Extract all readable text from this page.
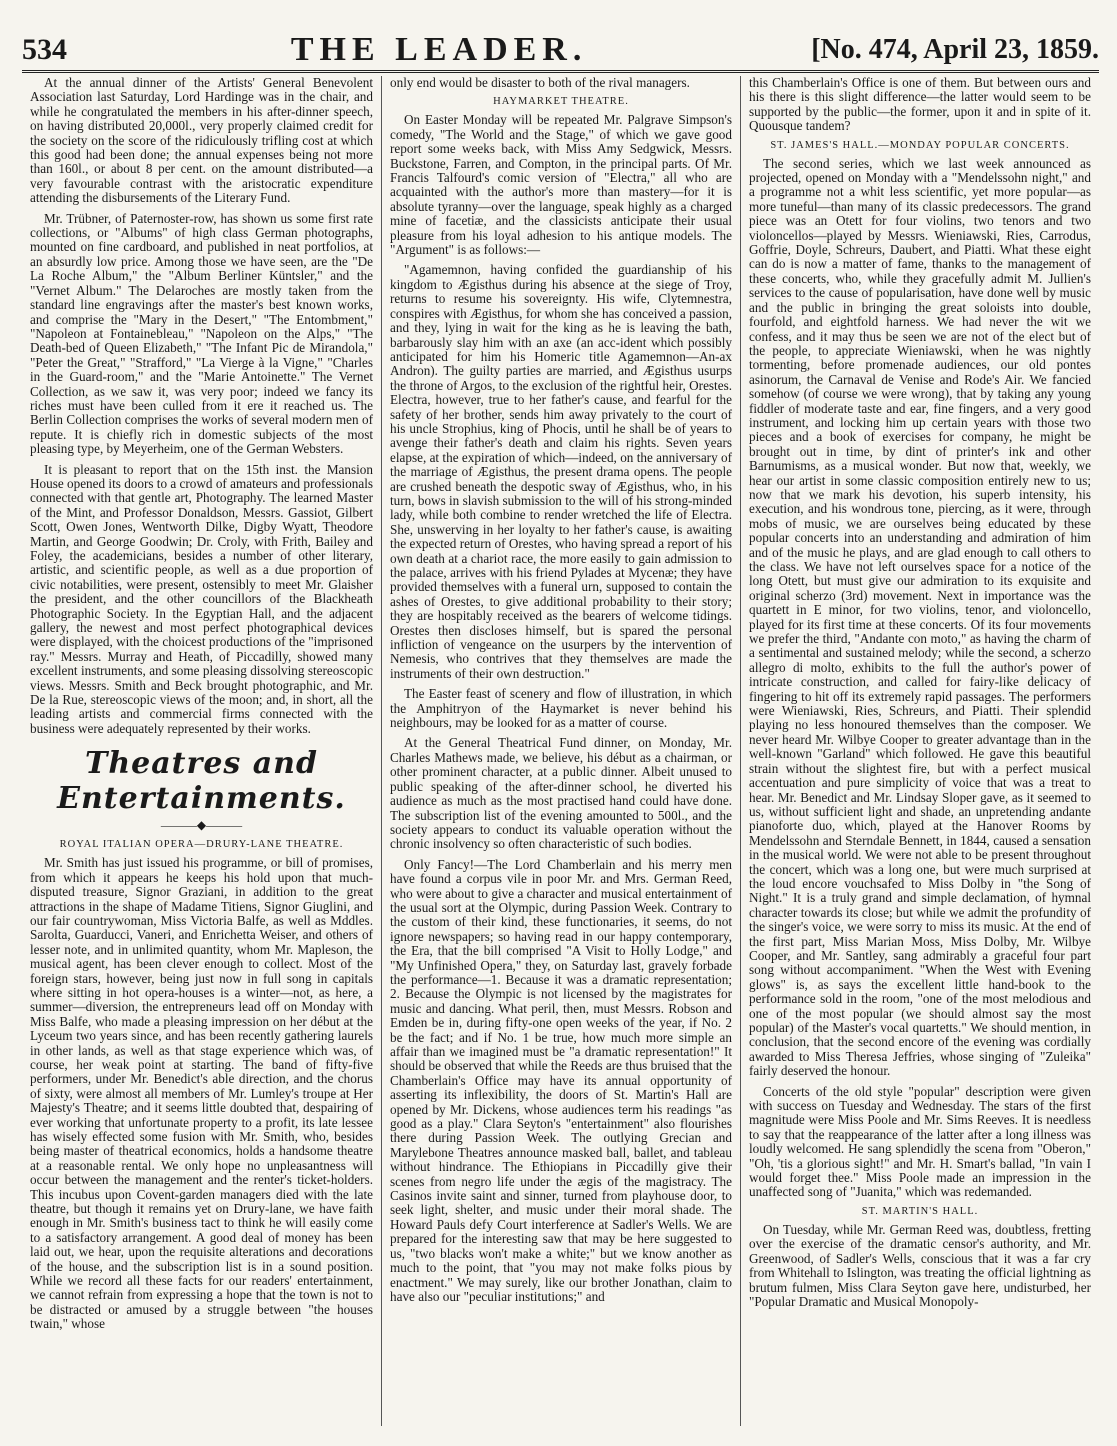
534	THE LEADER.	[No. 474, April 23, 1859.

At the annual dinner of the Artists' General Benevolent Association last Saturday, Lord Hardinge was in the chair, and while he congratulated the members in his after-dinner speech, on having distributed 20,000l., very properly claimed credit for the society on the score of the ridiculously trifling cost at which this good had been done; the annual expenses being not more than 160l., or about 8 per cent. on the amount distributed—a very favourable contrast with the aristocratic expenditure attending the disbursements of the Literary Fund.

Mr. Trübner, of Paternoster-row, has shown us some first rate collections, or "Albums" of high class German photographs, mounted on fine cardboard, and published in neat portfolios, at an absurdly low price. Among those we have seen, are the "De La Roche Album," the "Album Berliner Küntsler," and the "Vernet Album." The Delaroches are mostly taken from the standard line engravings after the master's best known works, and comprise the "Mary in the Desert," "The Entombment," "Napoleon at Fontainebleau," "Napoleon on the Alps," "The Death-bed of Queen Elizabeth," "The Infant Pic de Mirandola," "Peter the Great," "Strafford," "La Vierge à la Vigne," "Charles in the Guard-room," and the "Marie Antoinette." The Vernet Collection, as we saw it, was very poor; indeed we fancy its riches must have been culled from it ere it reached us. The Berlin Collection comprises the works of several modern men of repute. It is chiefly rich in domestic subjects of the most pleasing type, by Meyerheim, one of the German Websters.

It is pleasant to report that on the 15th inst. the Mansion House opened its doors to a crowd of amateurs and professionals connected with that gentle art, Photography. The learned Master of the Mint, and Professor Donaldson, Messrs. Gassiot, Gilbert Scott, Owen Jones, Wentworth Dilke, Digby Wyatt, Theodore Martin, and George Goodwin; Dr. Croly, with Frith, Bailey and Foley, the academicians, besides a number of other literary, artistic, and scientific people, as well as a due proportion of civic notabilities, were present, ostensibly to meet Mr. Glaisher the president, and the other councillors of the Blackheath Photographic Society. In the Egyptian Hall, and the adjacent gallery, the newest and most perfect photographical devices were displayed, with the choicest productions of the "imprisoned ray." Messrs. Murray and Heath, of Piccadilly, showed many excellent instruments, and some pleasing dissolving stereoscopic views. Messrs. Smith and Beck brought photographic, and Mr. De la Rue, stereoscopic views of the moon; and, in short, all the leading artists and commercial firms connected with the business were adequately represented by their works.

Theatres and Entertainments.
———◆———
ROYAL ITALIAN OPERA—DRURY-LANE THEATRE.

Mr. Smith has just issued his programme, or bill of promises, from which it appears he keeps his hold upon that much-disputed treasure, Signor Graziani, in addition to the great attractions in the shape of Madame Titiens, Signor Giuglini, and our fair countrywoman, Miss Victoria Balfe, as well as Mddles. Sarolta, Guarducci, Vaneri, and Enrichetta Weiser, and others of lesser note, and in unlimited quantity, whom Mr. Mapleson, the musical agent, has been clever enough to collect. Most of the foreign stars, however, being just now in full song in capitals where sitting in hot opera-houses is a winter—not, as here, a summer—diversion, the entrepreneurs lead off on Monday with Miss Balfe, who made a pleasing impression on her début at the Lyceum two years since, and has been recently gathering laurels in other lands, as well as that stage experience which was, of course, her weak point at starting. The band of fifty-five performers, under Mr. Benedict's able direction, and the chorus of sixty, were almost all members of Mr. Lumley's troupe at Her Majesty's Theatre; and it seems little doubted that, despairing of ever working that unfortunate property to a profit, its late lessee has wisely effected some fusion with Mr. Smith, who, besides being master of theatrical economics, holds a handsome theatre at a reasonable rental. We only hope no unpleasantness will occur between the management and the renter's ticket-holders. This incubus upon Covent-garden managers died with the late theatre, but though it remains yet on Drury-lane, we have faith enough in Mr. Smith's business tact to think he will easily come to a satisfactory arrangement. A good deal of money has been laid out, we hear, upon the requisite alterations and decorations of the house, and the subscription list is in a sound position. While we record all these facts for our readers' entertainment, we cannot refrain from expressing a hope that the town is not to be distracted or amused by a struggle between "the houses twain," whose

only end would be disaster to both of the rival managers.

HAYMARKET THEATRE.

On Easter Monday will be repeated Mr. Palgrave Simpson's comedy, "The World and the Stage," of which we gave good report some weeks back, with Miss Amy Sedgwick, Messrs. Buckstone, Farren, and Compton, in the principal parts. Of Mr. Francis Talfourd's comic version of "Electra," all who are acquainted with the author's more than mastery—for it is absolute tyranny—over the language, speak highly as a charged mine of facetiæ, and the classicists anticipate their usual pleasure from his loyal adhesion to his antique models. The "Argument" is as follows:—

"Agamemnon, having confided the guardianship of his kingdom to Ægisthus during his absence at the siege of Troy, returns to resume his sovereignty. His wife, Clytemnestra, conspires with Ægisthus, for whom she has conceived a passion, and they, lying in wait for the king as he is leaving the bath, barbarously slay him with an axe (an acc-ident which possibly anticipated for him his Homeric title Agamemnon—An-ax Andron). The guilty parties are married, and Ægisthus usurps the throne of Argos, to the exclusion of the rightful heir, Orestes. Electra, however, true to her father's cause, and fearful for the safety of her brother, sends him away privately to the court of his uncle Strophius, king of Phocis, until he shall be of years to avenge their father's death and claim his rights. Seven years elapse, at the expiration of which—indeed, on the anniversary of the marriage of Ægisthus, the present drama opens. The people are crushed beneath the despotic sway of Ægisthus, who, in his turn, bows in slavish submission to the will of his strong-minded lady, while both combine to render wretched the life of Electra. She, unswerving in her loyalty to her father's cause, is awaiting the expected return of Orestes, who having spread a report of his own death at a chariot race, the more easily to gain admission to the palace, arrives with his friend Pylades at Mycenæ; they have provided themselves with a funeral urn, supposed to contain the ashes of Orestes, to give additional probability to their story; they are hospitably received as the bearers of welcome tidings. Orestes then discloses himself, but is spared the personal infliction of vengeance on the usurpers by the intervention of Nemesis, who contrives that they themselves are made the instruments of their own destruction."

The Easter feast of scenery and flow of illustration, in which the Amphitryon of the Haymarket is never behind his neighbours, may be looked for as a matter of course.

At the General Theatrical Fund dinner, on Monday, Mr. Charles Mathews made, we believe, his début as a chairman, or other prominent character, at a public dinner. Albeit unused to public speaking of the after-dinner school, he diverted his audience as much as the most practised hand could have done. The subscription list of the evening amounted to 500l., and the society appears to conduct its valuable operation without the chronic insolvency so often characteristic of such bodies.

Only Fancy!—The Lord Chamberlain and his merry men have found a corpus vile in poor Mr. and Mrs. German Reed, who were about to give a character and musical entertainment of the usual sort at the Olympic, during Passion Week. Contrary to the custom of their kind, these functionaries, it seems, do not ignore newspapers; so having read in our happy contemporary, the Era, that the bill comprised "A Visit to Holly Lodge," and "My Unfinished Opera," they, on Saturday last, gravely forbade the performance—1. Because it was a dramatic representation; 2. Because the Olympic is not licensed by the magistrates for music and dancing. What peril, then, must Messrs. Robson and Emden be in, during fifty-one open weeks of the year, if No. 2 be the fact; and if No. 1 be true, how much more simple an affair than we imagined must be "a dramatic representation!" It should be observed that while the Reeds are thus bruised that the Chamberlain's Office may have its annual opportunity of asserting its inflexibility, the doors of St. Martin's Hall are opened by Mr. Dickens, whose audiences term his readings "as good as a play." Clara Seyton's "entertainment" also flourishes there during Passion Week. The outlying Grecian and Marylebone Theatres announce masked ball, ballet, and tableau without hindrance. The Ethiopians in Piccadilly give their scenes from negro life under the ægis of the magistracy. The Casinos invite saint and sinner, turned from playhouse door, to seek light, shelter, and music under their moral shade. The Howard Pauls defy Court interference at Sadler's Wells. We are prepared for the interesting saw that may be here suggested to us, "two blacks won't make a white;" but we know another as much to the point, that "you may not make folks pious by enactment." We may surely, like our brother Jonathan, claim to have also our "peculiar institutions;" and

this Chamberlain's Office is one of them. But between ours and his there is this slight difference—the latter would seem to be supported by the public—the former, upon it and in spite of it. Quousque tandem?

ST. JAMES'S HALL.—MONDAY POPULAR CONCERTS.

The second series, which we last week announced as projected, opened on Monday with a "Mendelssohn night," and a programme not a whit less scientific, yet more popular—as more tuneful—than many of its classic predecessors. The grand piece was an Otett for four violins, two tenors and two violoncellos—played by Messrs. Wieniawski, Ries, Carrodus, Goffrie, Doyle, Schreurs, Daubert, and Piatti. What these eight can do is now a matter of fame, thanks to the management of these concerts, who, while they gracefully admit M. Jullien's services to the cause of popularisation, have done well by music and the public in bringing the great soloists into double, fourfold, and eightfold harness. We had never the wit we confess, and it may thus be seen we are not of the elect but of the people, to appreciate Wieniawski, when he was nightly tormenting, before promenade audiences, our old pontes asinorum, the Carnaval de Venise and Rode's Air. We fancied somehow (of course we were wrong), that by taking any young fiddler of moderate taste and ear, fine fingers, and a very good instrument, and locking him up certain years with those two pieces and a book of exercises for company, he might be brought out in time, by dint of printer's ink and other Barnumisms, as a musical wonder. But now that, weekly, we hear our artist in some classic composition entirely new to us; now that we mark his devotion, his superb intensity, his execution, and his wondrous tone, piercing, as it were, through mobs of music, we are ourselves being educated by these popular concerts into an understanding and admiration of him and of the music he plays, and are glad enough to call others to the class. We have not left ourselves space for a notice of the long Otett, but must give our admiration to its exquisite and original scherzo (3rd) movement. Next in importance was the quartett in E minor, for two violins, tenor, and violoncello, played for its first time at these concerts. Of its four movements we prefer the third, "Andante con moto," as having the charm of a sentimental and sustained melody; while the second, a scherzo allegro di molto, exhibits to the full the author's power of intricate construction, and called for fairy-like delicacy of fingering to hit off its extremely rapid passages. The performers were Wieniawski, Ries, Schreurs, and Piatti. Their splendid playing no less honoured themselves than the composer. We never heard Mr. Wilbye Cooper to greater advantage than in the well-known "Garland" which followed. He gave this beautiful strain without the slightest fire, but with a perfect musical accentuation and pure simplicity of voice that was a treat to hear. Mr. Benedict and Mr. Lindsay Sloper gave, as it seemed to us, without sufficient light and shade, an unpretending andante pianoforte duo, which, played at the Hanover Rooms by Mendelssohn and Sterndale Bennett, in 1844, caused a sensation in the musical world. We were not able to be present throughout the concert, which was a long one, but were much surprised at the loud encore vouchsafed to Miss Dolby in "the Song of Night." It is a truly grand and simple declamation, of hymnal character towards its close; but while we admit the profundity of the singer's voice, we were sorry to miss its music. At the end of the first part, Miss Marian Moss, Miss Dolby, Mr. Wilbye Cooper, and Mr. Santley, sang admirably a graceful four part song without accompaniment. "When the West with Evening glows" is, as says the excellent little hand-book to the performance sold in the room, "one of the most melodious and one of the most popular (we should almost say the most popular) of the Master's vocal quartetts." We should mention, in conclusion, that the second encore of the evening was cordially awarded to Miss Theresa Jeffries, whose singing of "Zuleika" fairly deserved the honour.

Concerts of the old style "popular" description were given with success on Tuesday and Wednesday. The stars of the first magnitude were Miss Poole and Mr. Sims Reeves. It is needless to say that the reappearance of the latter after a long illness was loudly welcomed. He sang splendidly the scena from "Oberon," "Oh, 'tis a glorious sight!" and Mr. H. Smart's ballad, "In vain I would forget thee." Miss Poole made an impression in the unaffected song of "Juanita," which was redemanded.

ST. MARTIN'S HALL.

On Tuesday, while Mr. German Reed was, doubtless, fretting over the exercise of the dramatic censor's authority, and Mr. Greenwood, of Sadler's Wells, conscious that it was a far cry from Whitehall to Islington, was treating the official lightning as brutum fulmen, Miss Clara Seyton gave here, undisturbed, her "Popular Dramatic and Musical Monopoly-
